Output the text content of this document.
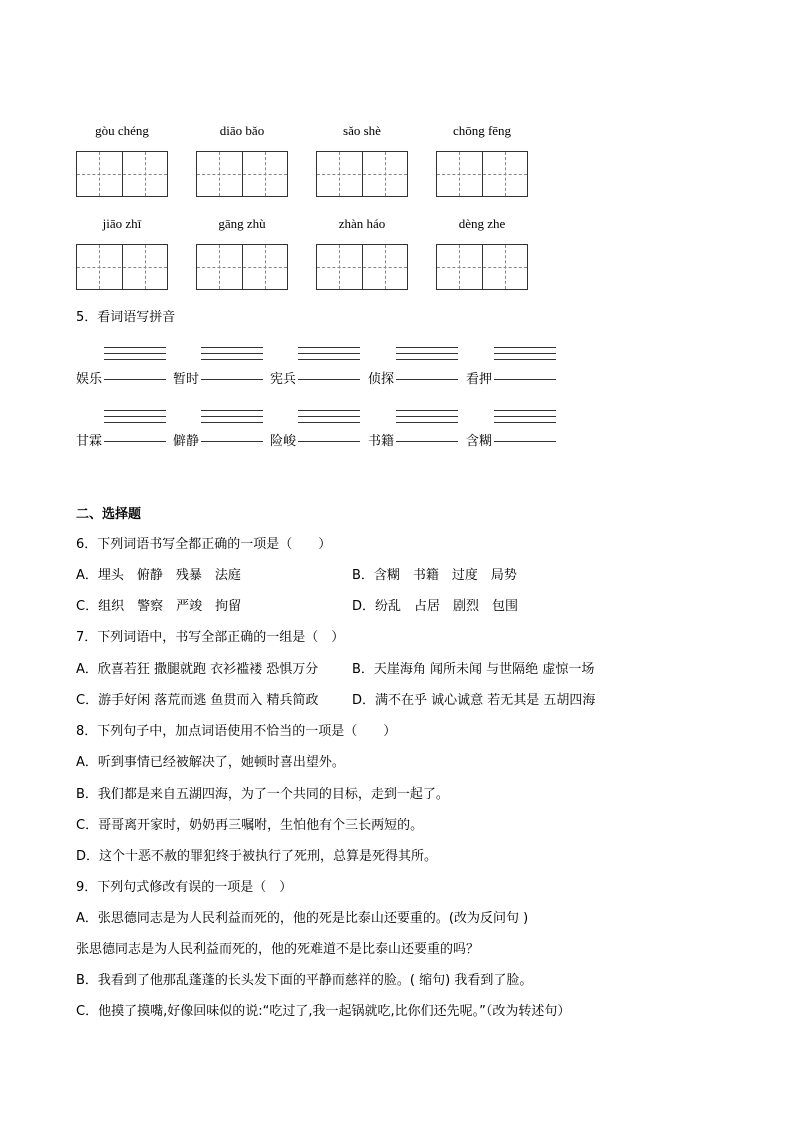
gòu chéng	diāo bǎo	sǎo shè	chōng fēng
jiāo zhī	gāng zhù	zhàn háo	dèng zhe
5．看词语写拼音
娱乐	暂时	宪兵	侦探	看押
甘霖	僻静	险峻	书籍	含糊
二、选择题
6．下列词语书写全都正确的一项是（　　）
A．埋头　俯静　残暴　法庭	B．含糊　书籍　过度　局势
C．组织　警察　严竣　拘留	D．纷乱　占居　剧烈　包围
7．下列词语中，书写全部正确的一组是（　）
A．欣喜若狂 撒腿就跑 衣衫褴褛 恐惧万分	B．天崖海角 闻所未闻 与世隔绝 虚惊一场
C．游手好闲 落荒而逃 鱼贯而入 精兵简政	D．满不在乎 诚心诚意 若无其是 五胡四海
8．下列句子中，加点词语使用不恰当的一项是（　　）
A．听到事情已经被解决了，她顿时喜出望外。
B．我们都是来自五湖四海，为了一个共同的目标，走到一起了。
C．哥哥离开家时，奶奶再三嘱咐，生怕他有个三长两短的。
D．这个十恶不赦的罪犯终于被执行了死刑，总算是死得其所。
9．下列句式修改有误的一项是（　）
A．张思德同志是为人民利益而死的，他的死是比泰山还要重的。(改为反问句 )
张思德同志是为人民利益而死的，他的死难道不是比泰山还要重的吗？
B．我看到了他那乱蓬蓬的长头发下面的平静而慈祥的脸。( 缩句) 我看到了脸。
C．他摸了摸嘴,好像回味似的说:“吃过了,我一起锅就吃,比你们还先呢。”（改为转述句）
